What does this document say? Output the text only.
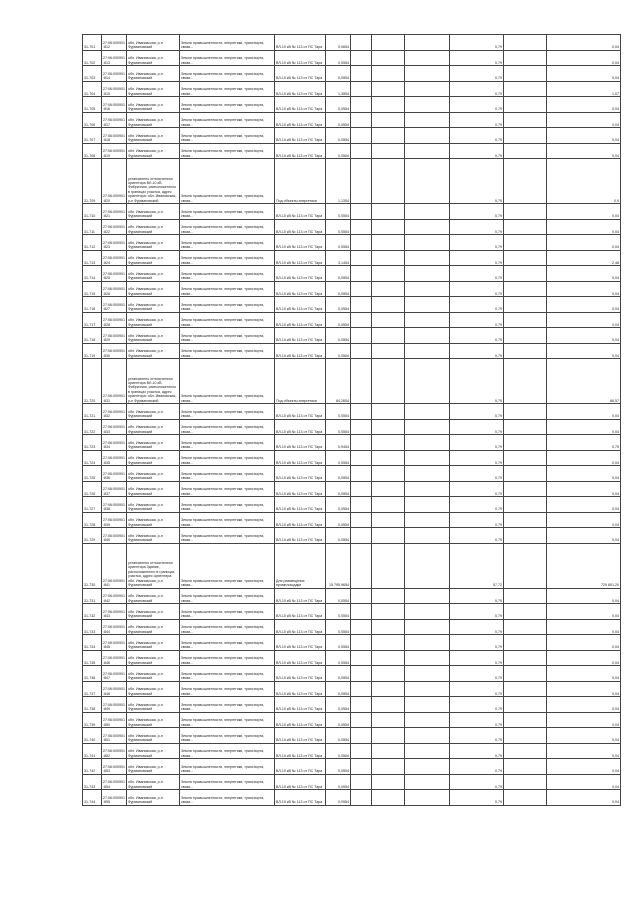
31-701	27:06:000901:812	обл. Ивановская, р-н Фурмановский	Земли промышленности, энергетики, транспорта, связи...	ВЛ-10 кВ № 113 от ПС Тара	0,0654				0,79		0,04
31-702	27:06:000901:813	обл. Ивановская, р-н Фурмановский	Земли промышленности, энергетики, транспорта, связи...	ВЛ-10 кВ № 113 от ПС Тара	0,0554				0,79		0,04
31-703	27:06:000901:814	обл. Ивановская, р-н Фурмановский	Земли промышленности, энергетики, транспорта, связи...	ВЛ-10 кВ № 113 от ПС Тара	0,0554				0,79		0,04
31-704	27:06:000901:815	обл. Ивановская, р-н Фурмановский	Земли промышленности, энергетики, транспорта, связи...	ВЛ-10 кВ № 113 от ПС Тара	1,3554				0,79		1,07
31-705	27:06:000901:816	обл. Ивановская, р-н Фурмановский	Земли промышленности, энергетики, транспорта, связи...	ВЛ-10 кВ № 113 от ПС Тара	0,0554				0,79		0,04
31-706	27:06:000901:817	обл. Ивановская, р-н Фурмановский	Земли промышленности, энергетики, транспорта, связи...	ВЛ-10 кВ № 113 от ПС Тара	0,0554				0,79		0,04
31-707	27:06:000901:818	обл. Ивановская, р-н Фурмановский	Земли промышленности, энергетики, транспорта, связи...	ВЛ-10 кВ № 113 от ПС Тара	0,0554				0,79		0,04
31-708	27:06:000901:819	обл. Ивановская, р-н Фурмановский	Земли промышленности, энергетики, транспорта, связи...	ВЛ-10 кВ № 113 от ПС Тара	0,0554				0,79		0,04
31-709	27:06:000901:820	установлено относительно ориентира ВЛ-10 кВ Фабричная, расположенного в границах участка, адрес ориентира: обл. Ивановская, р-н Фурмановский	Земли промышленности, энергетики, транспорта, связи...	Под объекты энергетики	1,1354				0,79		0,9
31-710	27:06:000901:821	обл. Ивановская, р-н Фурмановский	Земли промышленности, энергетики, транспорта, связи...	ВЛ-10 кВ № 113 от ПС Тара	0,0554				0,79		0,04
31-711	27:06:000901:822	обл. Ивановская, р-н Фурмановский	Земли промышленности, энергетики, транспорта, связи...	ВЛ-10 кВ № 113 от ПС Тара	0,0554				0,79		0,04
31-712	27:06:000901:823	обл. Ивановская, р-н Фурмановский	Земли промышленности, энергетики, транспорта, связи...	ВЛ-10 кВ № 113 от ПС Тара	0,0554				0,79		0,04
31-713	27:06:000901:824	обл. Ивановская, р-н Фурмановский	Земли промышленности, энергетики, транспорта, связи...	ВЛ-10 кВ № 113 от ПС Тара	3,1454				0,79		2,48
31-714	27:06:000901:825	обл. Ивановская, р-н Фурмановский	Земли промышленности, энергетики, транспорта, связи...	ВЛ-10 кВ № 113 от ПС Тара	0,0554				0,79		0,04
31-715	27:06:000901:826	обл. Ивановская, р-н Фурмановский	Земли промышленности, энергетики, транспорта, связи...	ВЛ-10 кВ № 113 от ПС Тара	0,0554				0,79		0,04
31-716	27:06:000901:827	обл. Ивановская, р-н Фурмановский	Земли промышленности, энергетики, транспорта, связи...	ВЛ-10 кВ № 113 от ПС Тара	0,0554				0,79		0,04
31-717	27:06:000901:828	обл. Ивановская, р-н Фурмановский	Земли промышленности, энергетики, транспорта, связи...	ВЛ-10 кВ № 113 от ПС Тара	0,0554				0,79		0,04
31-718	27:06:000901:829	обл. Ивановская, р-н Фурмановский	Земли промышленности, энергетики, транспорта, связи...	ВЛ-10 кВ № 113 от ПС Тара	0,0554				0,79		0,04
31-719	27:06:000901:830	обл. Ивановская, р-н Фурмановский	Земли промышленности, энергетики, транспорта, связи...	ВЛ-10 кВ № 113 от ПС Тара	0,0554				0,79		0,04
31-720	27:06:000901:831	установлено относительно ориентира ВЛ-10 кВ Фабричная, расположенного в границах участка, адрес ориентира: обл. Ивановская, р-н Фурмановский	Земли промышленности, энергетики, транспорта, связи...	Под объекты энергетики	84,2654				0,79		66,57
31-721	27:06:000901:832	обл. Ивановская, р-н Фурмановский	Земли промышленности, энергетики, транспорта, связи...	ВЛ-10 кВ № 113 от ПС Тара	0,0554				0,79		0,04
31-722	27:06:000901:833	обл. Ивановская, р-н Фурмановский	Земли промышленности, энергетики, транспорта, связи...	ВЛ-10 кВ № 113 от ПС Тара	0,0554				0,79		0,04
31-723	27:06:000901:834	обл. Ивановская, р-н Фурмановский	Земли промышленности, энергетики, транспорта, связи...	ВЛ-10 кВ № 113 от ПС Тара	0,9454				0,79		0,75
31-724	27:06:000901:835	обл. Ивановская, р-н Фурмановский	Земли промышленности, энергетики, транспорта, связи...	ВЛ-10 кВ № 113 от ПС Тара	0,0554				0,79		0,04
31-725	27:06:000901:836	обл. Ивановская, р-н Фурмановский	Земли промышленности, энергетики, транспорта, связи...	ВЛ-10 кВ № 113 от ПС Тара	0,0554				0,79		0,04
31-726	27:06:000901:837	обл. Ивановская, р-н Фурмановский	Земли промышленности, энергетики, транспорта, связи...	ВЛ-10 кВ № 113 от ПС Тара	0,0554				0,79		0,04
31-727	27:06:000901:838	обл. Ивановская, р-н Фурмановский	Земли промышленности, энергетики, транспорта, связи...	ВЛ-10 кВ № 113 от ПС Тара	0,0554				0,79		0,04
31-728	27:06:000901:839	обл. Ивановская, р-н Фурмановский	Земли промышленности, энергетики, транспорта, связи...	ВЛ-10 кВ № 113 от ПС Тара	0,0554				0,79		0,04
31-729	27:06:000901:840	обл. Ивановская, р-н Фурмановский	Земли промышленности, энергетики, транспорта, связи...	ВЛ-10 кВ № 113 от ПС Тара	0,0554				0,79		0,04
31-730	27:06:000901:841	установлено относительно ориентира Здание, расположенного в границах участка, адрес ориентира: обл. Ивановская, р-н Фурмановский	Земли промышленности, энергетики, транспорта, связи...	Для размещения промплощадки	15 795,9654				57,72		729 801,20
31-731	27:06:000901:842	обл. Ивановская, р-н Фурмановский	Земли промышленности, энергетики, транспорта, связи...	ВЛ-10 кВ № 113 от ПС Тара	0,0554				0,79		0,04
31-732	27:06:000901:843	обл. Ивановская, р-н Фурмановский	Земли промышленности, энергетики, транспорта, связи...	ВЛ-10 кВ № 113 от ПС Тара	0,0554				0,79		0,04
31-733	27:06:000901:844	обл. Ивановская, р-н Фурмановский	Земли промышленности, энергетики, транспорта, связи...	ВЛ-10 кВ № 113 от ПС Тара	0,0554				0,79		0,04
31-734	27:06:000901:845	обл. Ивановская, р-н Фурмановский	Земли промышленности, энергетики, транспорта, связи...	ВЛ-10 кВ № 113 от ПС Тара	0,0554				0,79		0,04
31-735	27:06:000901:846	обл. Ивановская, р-н Фурмановский	Земли промышленности, энергетики, транспорта, связи...	ВЛ-10 кВ № 113 от ПС Тара	0,0554				0,79		0,04
31-736	27:06:000901:847	обл. Ивановская, р-н Фурмановский	Земли промышленности, энергетики, транспорта, связи...	ВЛ-10 кВ № 113 от ПС Тара	0,0554				0,79		0,04
31-737	27:06:000901:848	обл. Ивановская, р-н Фурмановский	Земли промышленности, энергетики, транспорта, связи...	ВЛ-10 кВ № 113 от ПС Тара	0,0554				0,79		0,04
31-738	27:06:000901:849	обл. Ивановская, р-н Фурмановский	Земли промышленности, энергетики, транспорта, связи...	ВЛ-10 кВ № 113 от ПС Тара	0,0554				0,79		0,04
31-739	27:06:000901:850	обл. Ивановская, р-н Фурмановский	Земли промышленности, энергетики, транспорта, связи...	ВЛ-10 кВ № 113 от ПС Тара	0,0554				0,79		0,04
31-740	27:06:000901:851	обл. Ивановская, р-н Фурмановский	Земли промышленности, энергетики, транспорта, связи...	ВЛ-10 кВ № 113 от ПС Тара	0,0554				0,79		0,04
31-741	27:06:000901:852	обл. Ивановская, р-н Фурмановский	Земли промышленности, энергетики, транспорта, связи...	ВЛ-10 кВ № 113 от ПС Тара	0,0554				0,79		0,04
31-742	27:06:000901:853	обл. Ивановская, р-н Фурмановский	Земли промышленности, энергетики, транспорта, связи...	ВЛ-10 кВ № 113 от ПС Тара	0,0554				0,79		0,04
31-743	27:06:000901:854	обл. Ивановская, р-н Фурмановский	Земли промышленности, энергетики, транспорта, связи...	ВЛ-10 кВ № 113 от ПС Тара	0,0554				0,79		0,04
31-744	27:06:000901:855	обл. Ивановская, р-н Фурмановский	Земли промышленности, энергетики, транспорта, связи...	ВЛ-10 кВ № 113 от ПС Тара	0,0554				0,79		0,04
